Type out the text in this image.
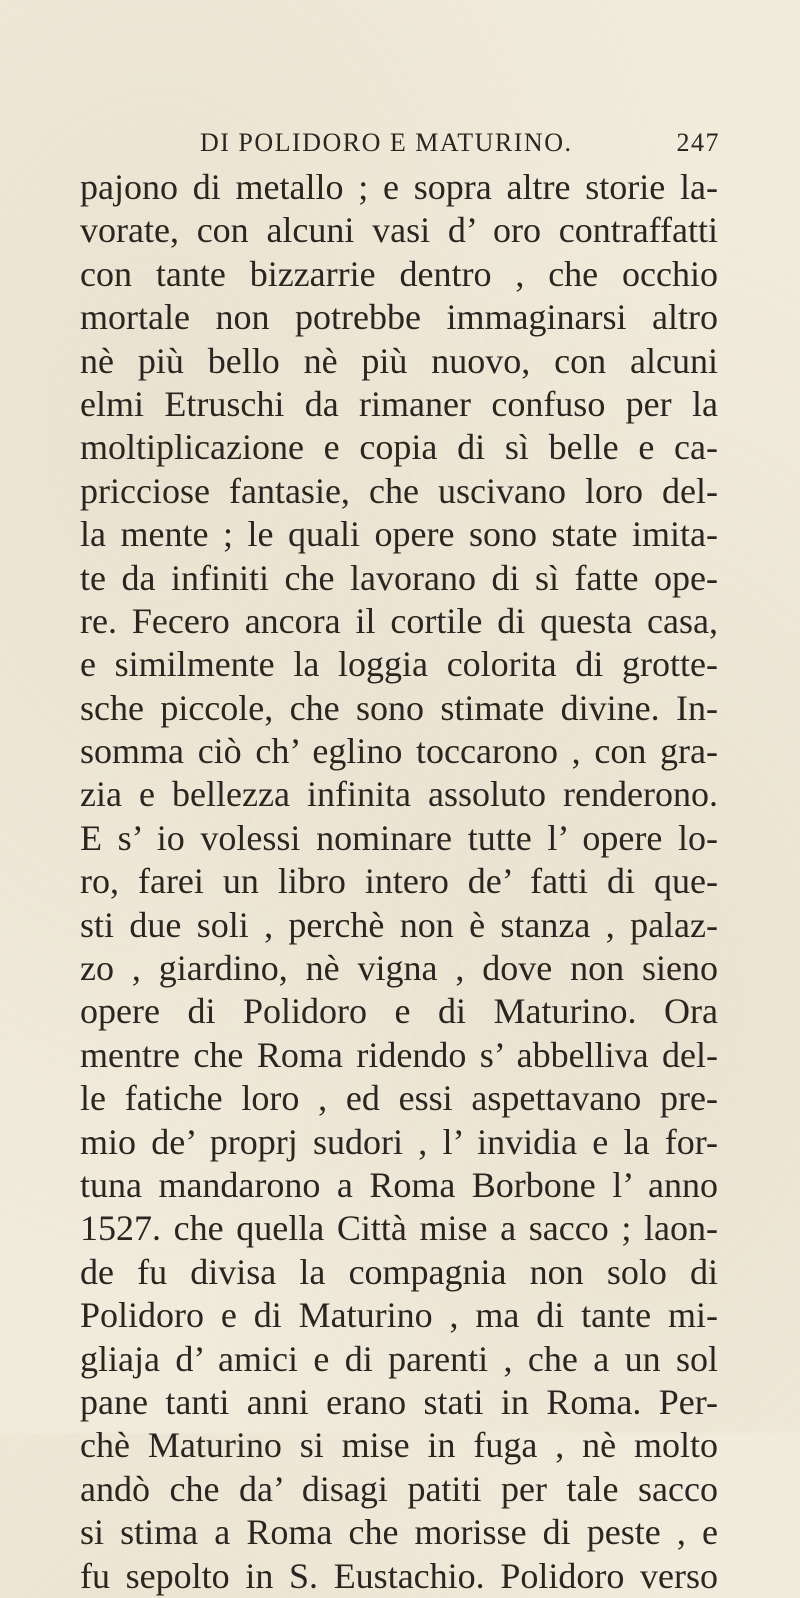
DI POLIDORO E MATURINO.	247
pajono di metallo ; e sopra altre storie la-
vorate, con alcuni vasi d’ oro contraffatti
con tante bizzarrie dentro , che occhio
mortale non potrebbe immaginarsi altro
nè più bello nè più nuovo, con alcuni
elmi Etruschi da rimaner confuso per la
moltiplicazione e copia di sì belle e ca-
pricciose fantasie, che uscivano loro del-
la mente ; le quali opere sono state imita-
te da infiniti che lavorano di sì fatte ope-
re. Fecero ancora il cortile di questa casa,
e similmente la loggia colorita di grotte-
sche piccole, che sono stimate divine. In-
somma ciò ch’ eglino toccarono , con gra-
zia e bellezza infinita assoluto renderono.
E s’ io volessi nominare tutte l’ opere lo-
ro, farei un libro intero de’ fatti di que-
sti due soli , perchè non è stanza , palaz-
zo , giardino, nè vigna , dove non sieno
opere di Polidoro e di Maturino. Ora
mentre che Roma ridendo s’ abbelliva del-
le fatiche loro , ed essi aspettavano pre-
mio de’ proprj sudori , l’ invidia e la for-
tuna mandarono a Roma Borbone l’ anno
1527. che quella Città mise a sacco ; laon-
de fu divisa la compagnia non solo di
Polidoro e di Maturino , ma di tante mi-
gliaja d’ amici e di parenti , che a un sol
pane tanti anni erano stati in Roma. Per-
chè Maturino si mise in fuga , nè molto
andò che da’ disagi patiti per tale sacco
si stima a Roma che morisse di peste , e
fu sepolto in S. Eustachio. Polidoro verso
